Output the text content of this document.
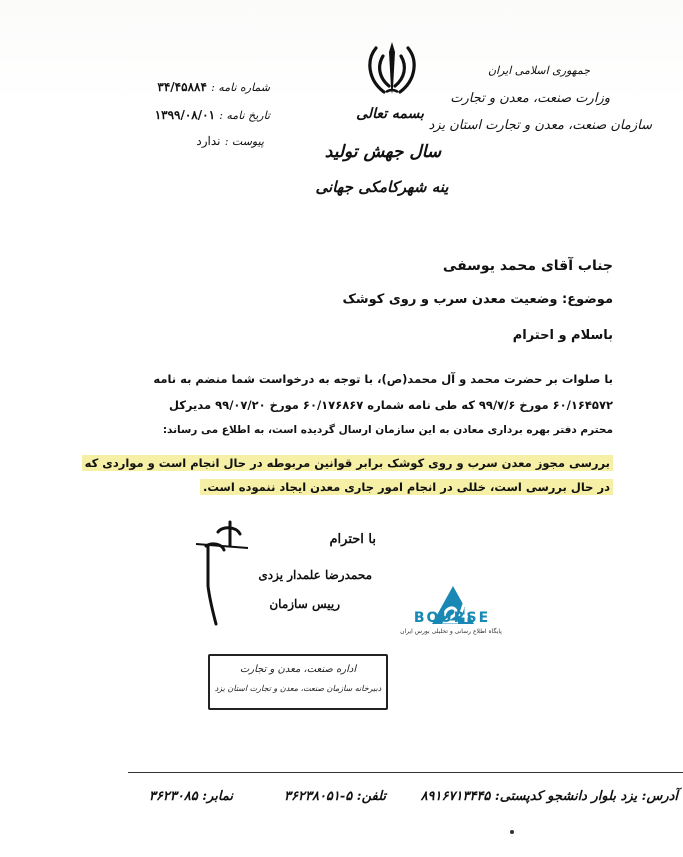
شماره نامه : ۳۴/۴۵۸۸۴
تاریخ نامه : ۱۳۹۹/۰۸/۰۱
پیوست : ندارد
بسمه تعالی
سال جهش تولید
ینه شهرکامکی جهانی
جمهوری اسلامی ایران
وزارت صنعت، معدن و تجارت
سازمان صنعت، معدن و تجارت استان یزد
جناب آقای محمد یوسفی
موضوع: وضعیت معدن سرب و روی کوشک
باسلام و احترام
با صلوات بر حضرت محمد و آل محمد(ص)، با توجه به درخواست شما منضم به نامه
۶۰/۱۶۴۵۷۲ مورخ ۹۹/۷/۶ که طی نامه شماره ۶۰/۱۷۶۸۶۷ مورخ ۹۹/۰۷/۲۰ مدیرکل
محترم دفتر بهره برداری معادن به این سازمان ارسال گردیده است، به اطلاع می رساند:
بررسی مجوز معدن سرب و روی کوشک برابر قوانین مربوطه در حال انجام است و مواردی که
در حال بررسی است، خللی در انجام امور جاری معدن ایجاد ننموده است.
با احترام
محمدرضا علمدار یزدی
رییس سازمان
BOURSE
پایگاه اطلاع رسانی و تحلیلی بورس ایران
اداره صنعت، معدن و تجارت
دبیرخانه سازمان صنعت، معدن و تجارت استان یزد
آدرس: یزد بلوار دانشجو کدپستی: ۸۹۱۶۷۱۳۴۴۵
تلفن: ۵-۳۶۲۳۸۰۵۱
نمابر: ۳۶۲۳۰۸۵
